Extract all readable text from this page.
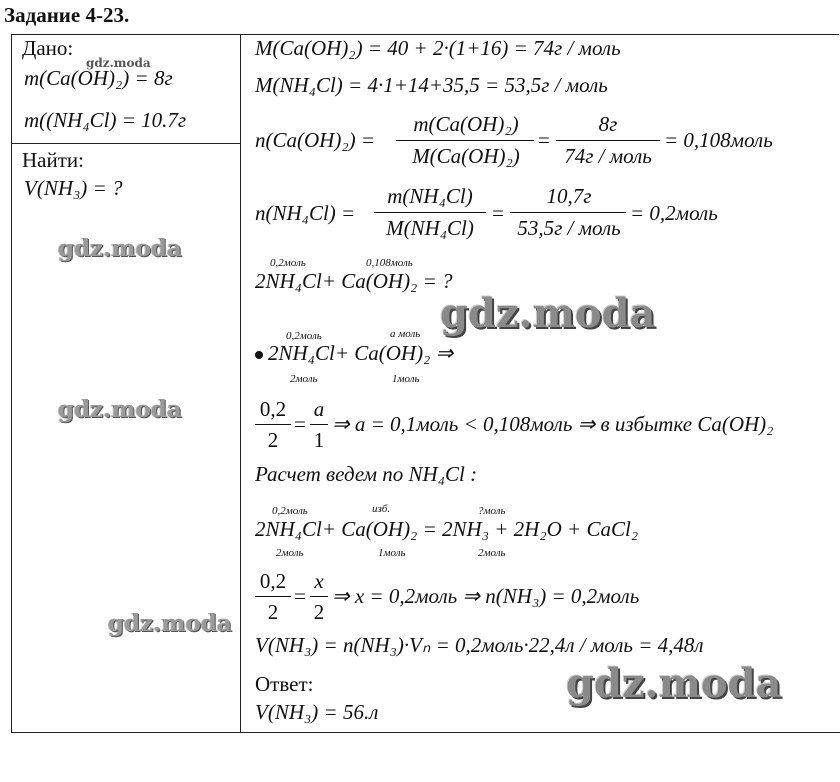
Задание 4-23.
Дано:
m(Ca(OH)₂) = 8г
m((NH₄Cl) = 10.7г
Найти:
V(NH₃) = ?
M(Ca(OH)₂) = 40 + 2·(1+16) = 74г / моль
M(NH₄Cl) = 4·1+14+35,5 = 53,5г / моль
n(Ca(OH)₂) =
m(Ca(OH)₂)
M(Ca(OH)₂)
=
8г
74г / моль
= 0,108моль
n(NH₄Cl) =
m(NH₄Cl)
M(NH₄Cl)
=
10,7г
53,5г / моль
= 0,2моль
0,2моль	0,108моль
2NH₄Cl+ Ca(OH)₂ = ?
0,2моль	а моль
2NH₄Cl+ Ca(OH)₂ ⇒
2моль	1моль
0,2
2
=
a
1
⇒ a = 0,1моль < 0,108моль ⇒ в избытке Ca(OH)₂
Расчет ведем по NH₄Cl :
0,2моль	изб.	?моль
2NH₄Cl+ Ca(OH)₂ = 2NH₃ + 2H₂O + CaCl₂
2моль	1моль	2моль
0,2
2
=
x
2
⇒ x = 0,2моль ⇒ n(NH₃) = 0,2моль
V(NH₃) = n(NH₃)·Vₙ = 0,2моль·22,4л / моль = 4,48л
Ответ:
V(NH₃) = 56.л
gdz.moda
gdz.moda
gdz.moda
gdz.moda
gdz.moda
gdz.moda
